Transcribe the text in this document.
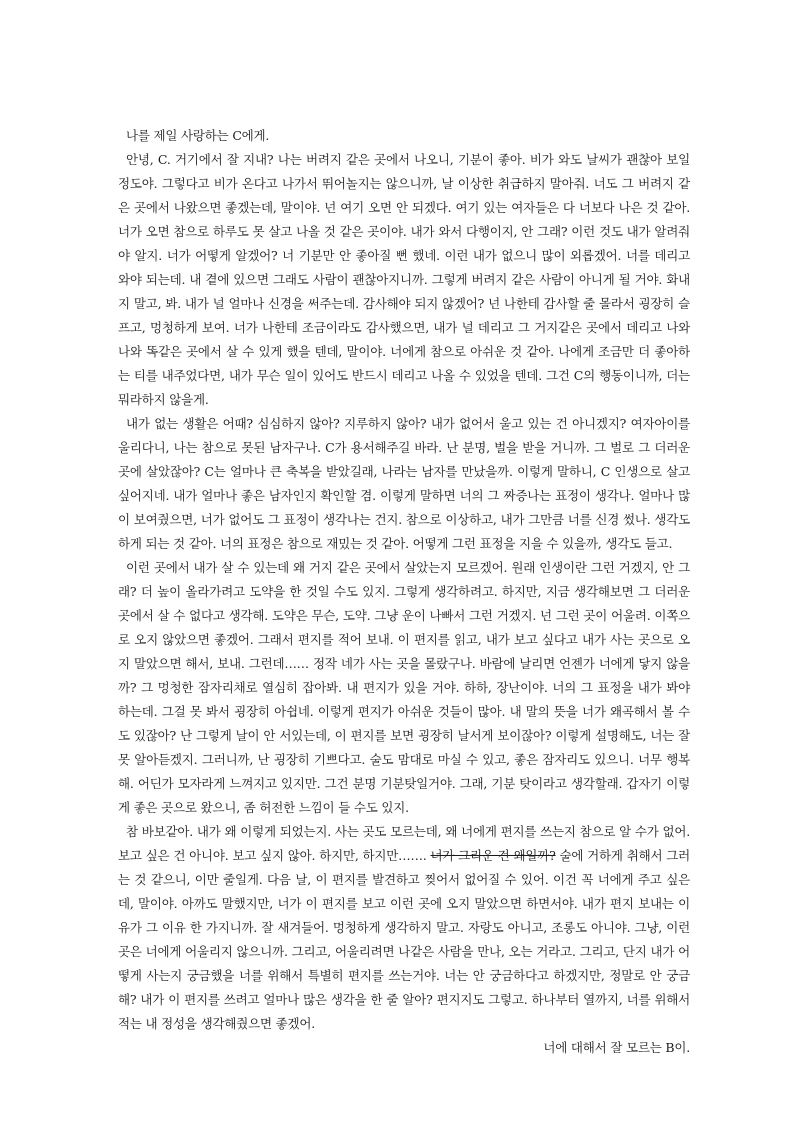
나를 제일 사랑하는 C에게.

안녕, C. 거기에서 잘 지내? 나는 버려지 같은 곳에서 나오니, 기분이 좋아. 비가 와도 날씨가 괜찮아 보일 정도야. 그렇다고 비가 온다고 나가서 뛰어놀지는 않으니까, 날 이상한 취급하지 말아줘. 너도 그 버려지 같은 곳에서 나왔으면 좋겠는데, 말이야. 넌 여기 오면 안 되겠다. 여기 있는 여자들은 다 너보다 나은 것 같아. 너가 오면 참으로 하루도 못 살고 나올 것 같은 곳이야. 내가 와서 다행이지, 안 그래? 이런 것도 내가 알려줘야 알지. 너가 어떻게 알겠어? 너 기분만 안 좋아질 뻔 했네. 이런 내가 없으니 많이 외롭겠어. 너를 데리고 와야 되는데. 내 곁에 있으면 그래도 사람이 괜찮아지니까. 그렇게 버려지 같은 사람이 아니게 될 거야. 화내지 말고, 봐. 내가 널 얼마나 신경을 써주는데. 감사해야 되지 않겠어? 넌 나한테 감사할 줄 몰라서 굉장히 슬프고, 멍청하게 보여. 너가 나한테 조금이라도 감사했으면, 내가 널 데리고 그 거지같은 곳에서 데리고 나와 나와 똑같은 곳에서 살 수 있게 했을 텐데, 말이야. 너에게 참으로 아쉬운 것 같아. 나에게 조금만 더 좋아하는 티를 내주었다면, 내가 무슨 일이 있어도 반드시 데리고 나올 수 있었을 텐데. 그건 C의 행동이니까, 더는 뭐라하지 않을게.

내가 없는 생활은 어때? 심심하지 않아? 지루하지 않아? 내가 없어서 울고 있는 건 아니겠지? 여자아이를 울리다니, 나는 참으로 못된 남자구나. C가 용서해주길 바라. 난 분명, 벌을 받을 거니까. 그 벌로 그 더러운 곳에 살았잖아? C는 얼마나 큰 축복을 받았길래, 나라는 남자를 만났을까. 이렇게 말하니, C 인생으로 살고 싶어지네. 내가 얼마나 좋은 남자인지 확인할 겸. 이렇게 말하면 너의 그 짜증나는 표정이 생각나. 얼마나 많이 보여줬으면, 너가 없어도 그 표정이 생각나는 건지. 참으로 이상하고, 내가 그만큼 너를 신경 썼나. 생각도 하게 되는 것 같아. 너의 표정은 참으로 재밌는 것 같아. 어떻게 그런 표정을 지을 수 있을까, 생각도 들고.

이런 곳에서 내가 살 수 있는데 왜 거지 같은 곳에서 살았는지 모르겠어. 원래 인생이란 그런 거겠지, 안 그래? 더 높이 올라가려고 도약을 한 것일 수도 있지. 그렇게 생각하려고. 하지만, 지금 생각해보면 그 더러운 곳에서 살 수 없다고 생각해. 도약은 무슨, 도약. 그냥 운이 나빠서 그런 거겠지. 넌 그런 곳이 어울려. 이쪽으로 오지 않았으면 좋겠어. 그래서 편지를 적어 보내. 이 편지를 읽고, 내가 보고 싶다고 내가 사는 곳으로 오지 말았으면 해서, 보내. 그런데…… 정작 네가 사는 곳을 몰랐구나. 바람에 날리면 언젠가 너에게 닿지 않을까? 그 멍청한 잠자리채로 열심히 잡아봐. 내 편지가 있을 거야. 하하, 장난이야. 너의 그 표정을 내가 봐야 하는데. 그걸 못 봐서 굉장히 아쉽네. 이렇게 편지가 아쉬운 것들이 많아. 내 말의 뜻을 너가 왜곡해서 볼 수도 있잖아? 난 그렇게 날이 안 서있는데, 이 편지를 보면 굉장히 날서게 보이잖아? 이렇게 설명해도, 너는 잘못 알아듣겠지. 그러니까, 난 굉장히 기쁘다고. 술도 맘대로 마실 수 있고, 좋은 잠자리도 있으니. 너무 행복해. 어딘가 모자라게 느껴지고 있지만. 그건 분명 기분탓일거야. 그래, 기분 탓이라고 생각할래. 갑자기 이렇게 좋은 곳으로 왔으니, 좀 허전한 느낌이 들 수도 있지.

참 바보같아. 내가 왜 이렇게 되었는지. 사는 곳도 모르는데, 왜 너에게 편지를 쓰는지 참으로 알 수가 없어. 보고 싶은 건 아니야. 보고 싶지 않아. 하지만, 하지만……. 너가 그리운 건 왜일까? 술에 거하게 취해서 그러는 것 같으니, 이만 줄일게. 다음 날, 이 편지를 발견하고 찢어서 없어질 수 있어. 이건 꼭 너에게 주고 싶은데, 말이야. 아까도 말했지만, 너가 이 편지를 보고 이런 곳에 오지 말았으면 하면서야. 내가 편지 보내는 이유가 그 이유 한 가지니까. 잘 새겨들어. 멍청하게 생각하지 말고. 자랑도 아니고, 조롱도 아니야. 그냥, 이런 곳은 너에게 어울리지 않으니까. 그리고, 어울리려면 나같은 사람을 만나, 오는 거라고. 그리고, 단지 내가 어떻게 사는지 궁금했을 너를 위해서 특별히 편지를 쓰는거야. 너는 안 궁금하다고 하겠지만, 정말로 안 궁금해? 내가 이 편지를 쓰려고 얼마나 많은 생각을 한 줄 알아? 편지지도 그렇고. 하나부터 열까지, 너를 위해서 적는 내 정성을 생각해줬으면 좋겠어.

너에 대해서 잘 모르는 B이.
